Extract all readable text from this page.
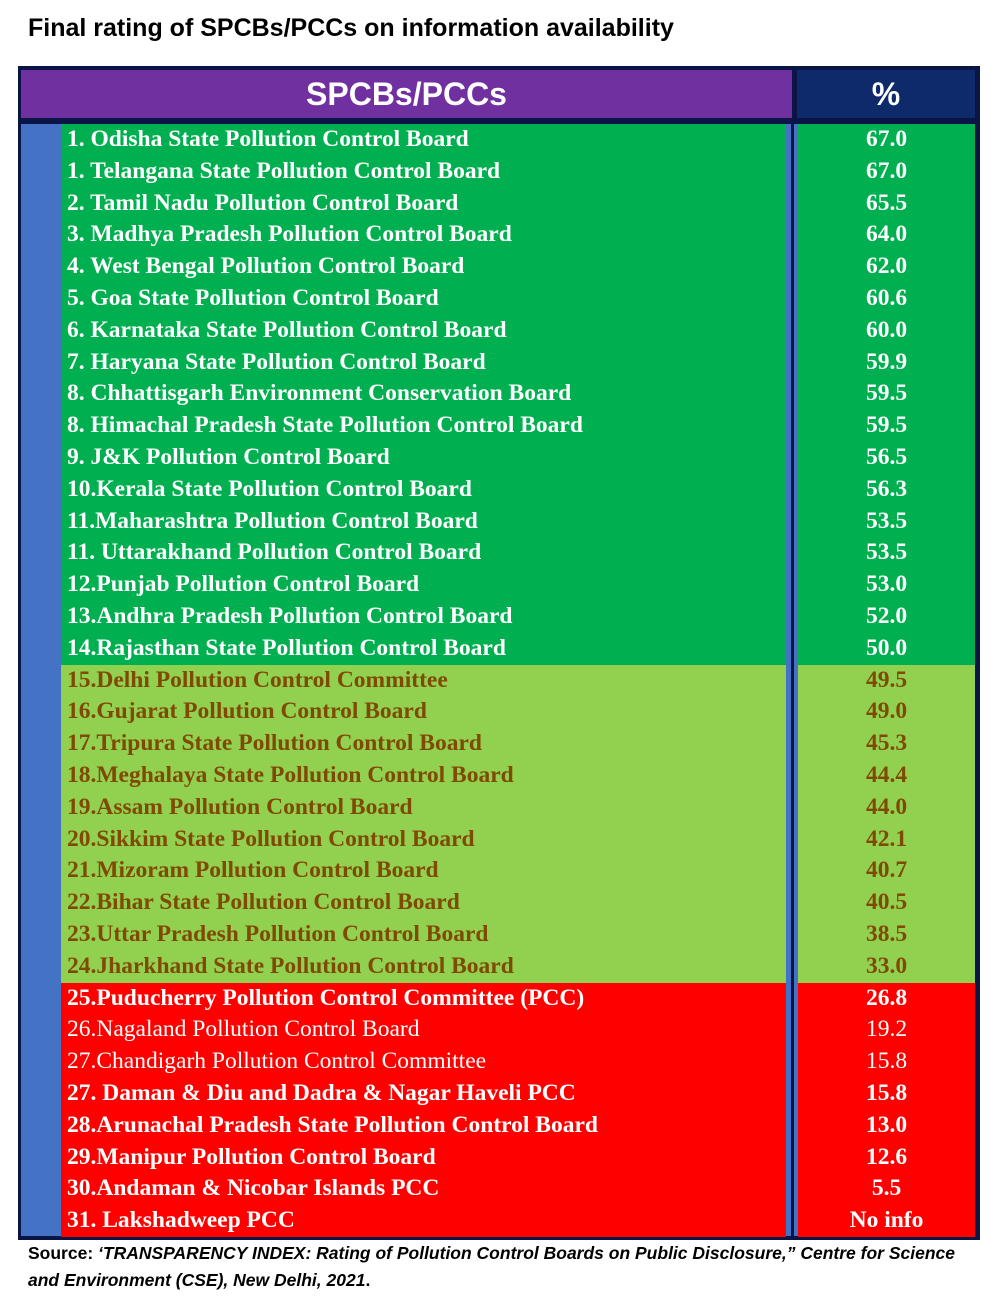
Final rating of SPCBs/PCCs on information availability
SPCBs/PCCs	%
1. Odisha State Pollution Control Board
1. Telangana State Pollution Control Board
2. Tamil Nadu Pollution Control Board
3. Madhya Pradesh Pollution Control Board
4. West Bengal Pollution Control Board
5. Goa State Pollution Control Board
6. Karnataka State Pollution Control Board
7. Haryana State Pollution Control Board
8. Chhattisgarh Environment Conservation Board
8. Himachal Pradesh State Pollution Control Board
9. J&K Pollution Control Board
10.Kerala State Pollution Control Board
11.Maharashtra Pollution Control Board
11. Uttarakhand Pollution Control Board
12.Punjab Pollution Control Board
13.Andhra Pradesh Pollution Control Board
14.Rajasthan State Pollution Control Board
15.Delhi Pollution Control Committee
16.Gujarat Pollution Control Board
17.Tripura State Pollution Control Board
18.Meghalaya State Pollution Control Board
19.Assam Pollution Control Board
20.Sikkim State Pollution Control Board
21.Mizoram Pollution Control Board
22.Bihar State Pollution Control Board
23.Uttar Pradesh Pollution Control Board
24.Jharkhand State Pollution Control Board
25.Puducherry Pollution Control Committee (PCC)
26.Nagaland Pollution Control Board
27.Chandigarh Pollution Control Committee
27. Daman & Diu and Dadra & Nagar Haveli PCC
28.Arunachal Pradesh State Pollution Control Board
29.Manipur Pollution Control Board
30.Andaman & Nicobar Islands PCC
31. Lakshadweep PCC
67.0
67.0
65.5
64.0
62.0
60.6
60.0
59.9
59.5
59.5
56.5
56.3
53.5
53.5
53.0
52.0
50.0
49.5
49.0
45.3
44.4
44.0
42.1
40.7
40.5
38.5
33.0
26.8
19.2
15.8
15.8
13.0
12.6
5.5
No info
Source: ‘TRANSPARENCY INDEX: Rating of Pollution Control Boards on Public Disclosure,” Centre for Science and Environment (CSE), New Delhi, 2021.
